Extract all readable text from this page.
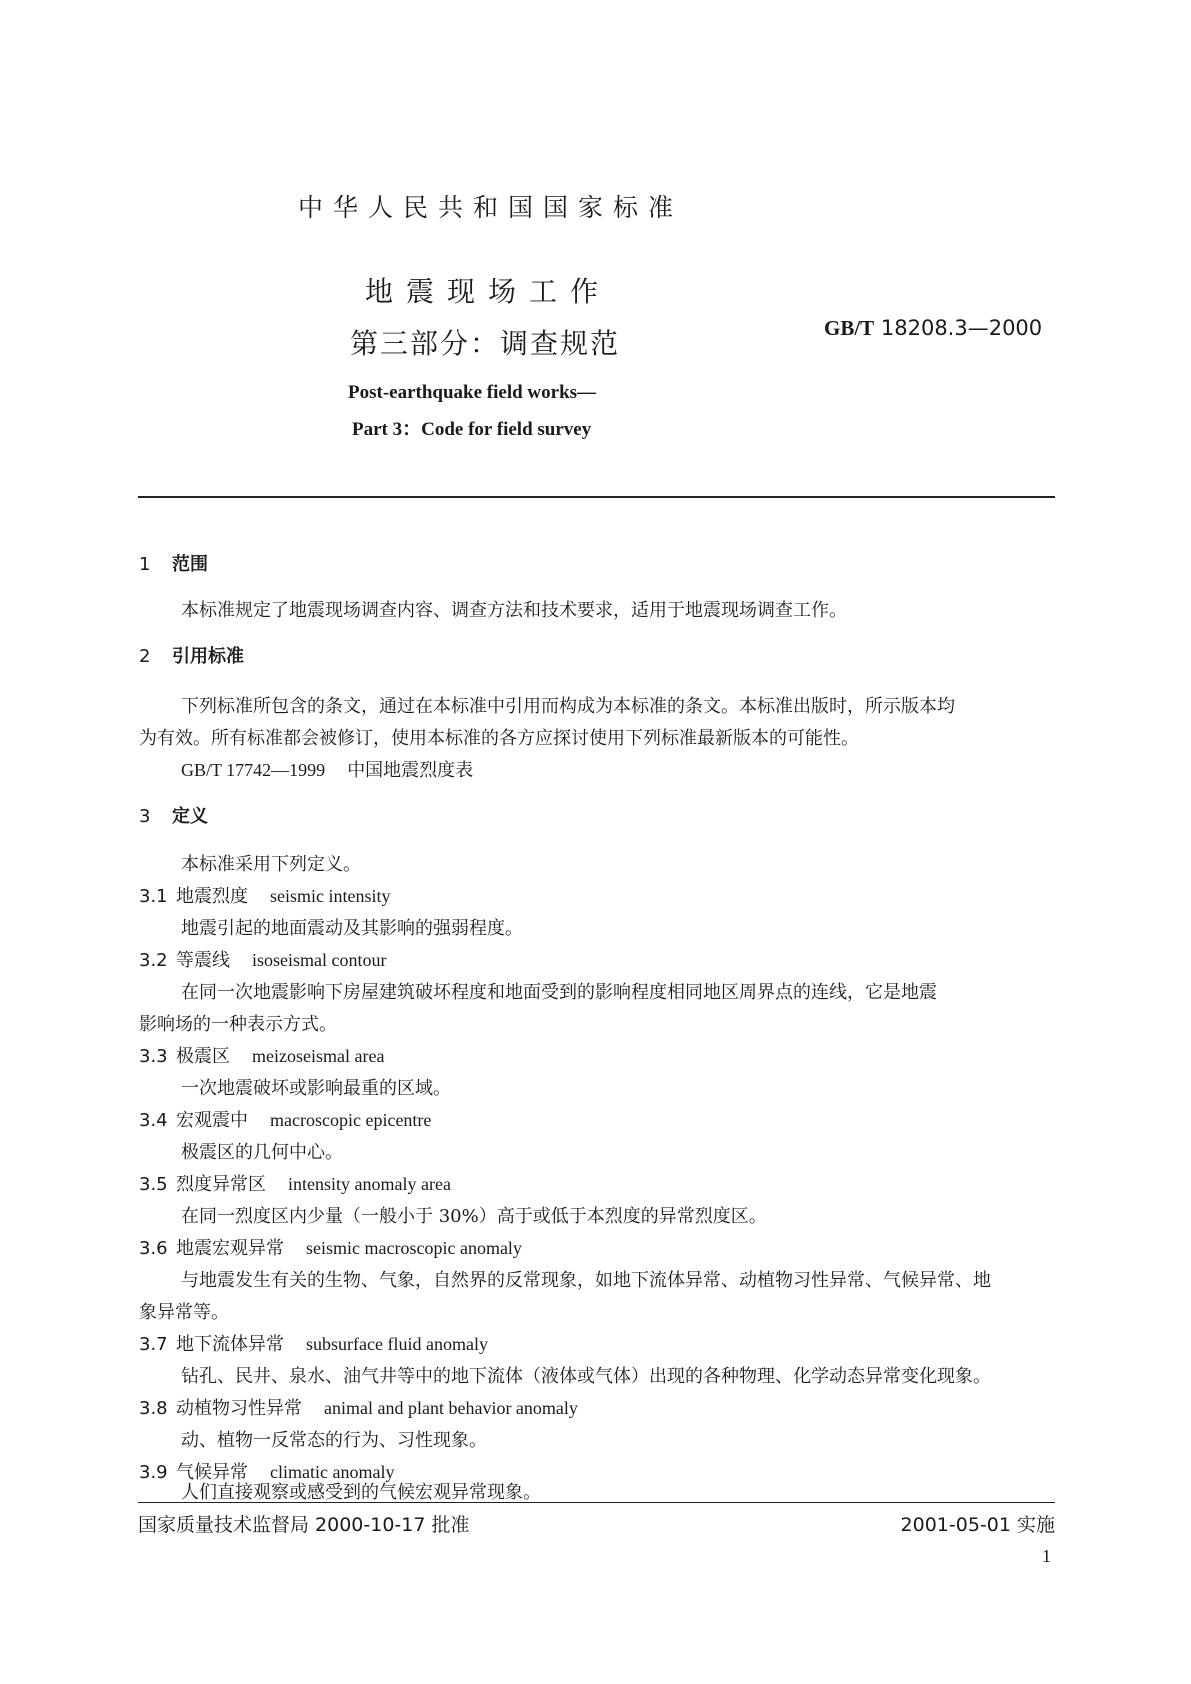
中华人民共和国国家标准
地震现场工作
第三部分：调查规范	GB/T 18208.3—2000
Post-earthquake field works—
Part 3：Code for field survey
1 范围
本标准规定了地震现场调查内容、调查方法和技术要求，适用于地震现场调查工作。
2 引用标准
下列标准所包含的条文，通过在本标准中引用而构成为本标准的条文。本标准出版时，所示版本均
为有效。所有标准都会被修订，使用本标准的各方应探讨使用下列标准最新版本的可能性。
GB/T 17742—1999 中国地震烈度表
3 定义
本标准采用下列定义。
3.1 地震烈度 seismic intensity
地震引起的地面震动及其影响的强弱程度。
3.2 等震线 isoseismal contour
在同一次地震影响下房屋建筑破坏程度和地面受到的影响程度相同地区周界点的连线，它是地震
影响场的一种表示方式。
3.3 极震区 meizoseismal area
一次地震破坏或影响最重的区域。
3.4 宏观震中 macroscopic epicentre
极震区的几何中心。
3.5 烈度异常区 intensity anomaly area
在同一烈度区内少量（一般小于 30%）高于或低于本烈度的异常烈度区。
3.6 地震宏观异常 seismic macroscopic anomaly
与地震发生有关的生物、气象，自然界的反常现象，如地下流体异常、动植物习性异常、气候异常、地
象异常等。
3.7 地下流体异常 subsurface fluid anomaly
钻孔、民井、泉水、油气井等中的地下流体（液体或气体）出现的各种物理、化学动态异常变化现象。
3.8 动植物习性异常 animal and plant behavior anomaly
动、植物一反常态的行为、习性现象。
3.9 气候异常 climatic anomaly
人们直接观察或感受到的气候宏观异常现象。
国家质量技术监督局 2000-10-17 批准	2001-05-01 实施
1
